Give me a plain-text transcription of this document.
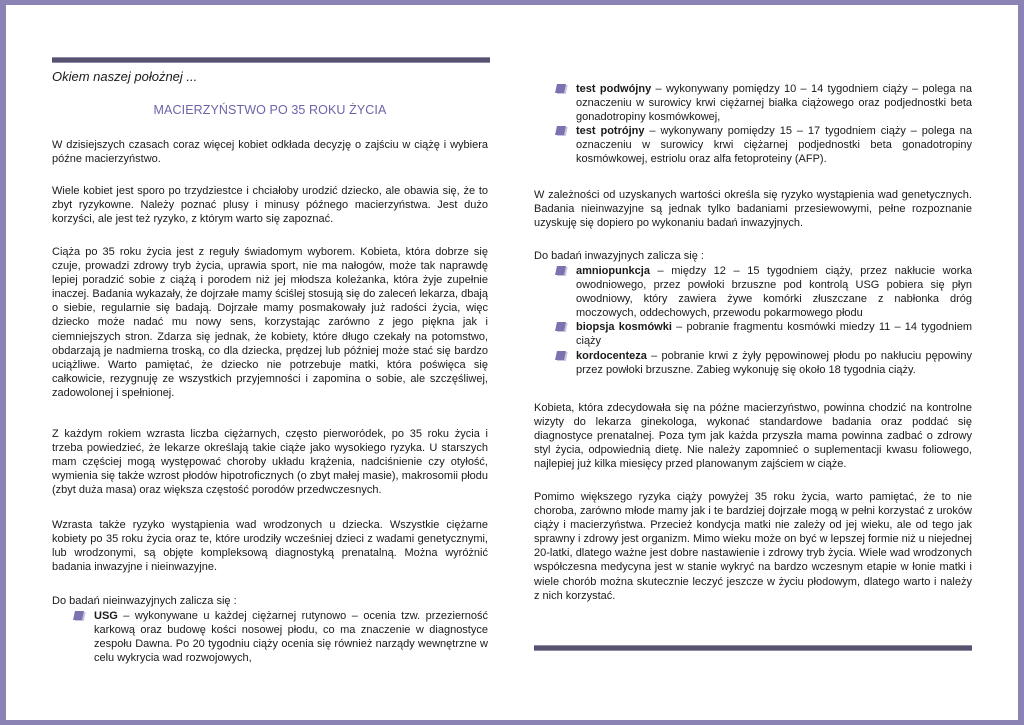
Okiem naszej położnej ...

MACIERZYŃSTWO PO 35 ROKU ŻYCIA

W dzisiejszych czasach coraz więcej kobiet odkłada decyzję o zajściu w ciążę i wybiera późne macierzyństwo.

Wiele kobiet jest sporo po trzydziestce i chciałoby urodzić dziecko, ale obawia się, że to zbyt ryzykowne. Należy poznać plusy i minusy późnego macierzyństwa. Jest dużo korzyści, ale jest też ryzyko, z którym warto się zapoznać.

Ciąża po 35 roku życia jest z reguły świadomym wyborem. Kobieta, która dobrze się czuje, prowadzi zdrowy tryb życia, uprawia sport, nie ma nałogów, może tak naprawdę lepiej poradzić sobie z ciążą i porodem niż jej młodsza koleżanka, która żyje zupełnie inaczej. Badania wykazały, że dojrzałe mamy ściślej stosują się do zaleceń lekarza, dbają o siebie, regularnie się badają. Dojrzałe mamy posmakowały już radości życia, więc dziecko może nadać mu nowy sens, korzystając zarówno z jego piękna jak i ciemniejszych stron. Zdarza się jednak, że kobiety, które długo czekały na potomstwo, obdarzają je nadmierna troską, co dla dziecka, prędzej lub później może stać się bardzo uciążliwe. Warto pamiętać, że dziecko nie potrzebuje matki, która poświęca się całkowicie, rezygnuję ze wszystkich przyjemności i zapomina o sobie, ale szczęśliwej, zadowolonej i spełnionej.

Z każdym rokiem wzrasta liczba ciężarnych, często pierworódek, po 35 roku życia i trzeba powiedzieć, że lekarze określają takie ciąże jako wysokiego ryzyka. U starszych mam częściej mogą występować choroby układu krążenia, nadciśnienie czy otyłość, wymienia się także wzrost płodów hipotroficznych (o zbyt małej masie), makrosomii płodu (zbyt duża masa) oraz większa częstość porodów przedwczesnych.

Wzrasta także ryzyko wystąpienia wad wrodzonych u dziecka. Wszystkie ciężarne kobiety po 35 roku życia oraz te, które urodziły wcześniej dzieci z wadami genetycznymi, lub wrodzonymi, są objęte kompleksową diagnostyką prenatalną. Można wyróżnić badania inwazyjne i nieinwazyjne.

Do badań nieinwazyjnych zalicza się :

USG – wykonywane u każdej ciężarnej rutynowo – ocenia tzw. przezierność karkową oraz budowę kości nosowej płodu, co ma znaczenie w diagnostyce zespołu Dawna. Po 20 tygodniu ciąży ocenia się również narządy wewnętrzne w celu wykrycia wad rozwojowych,
test podwójny – wykonywany pomiędzy 10 – 14 tygodniem ciąży – polega na oznaczeniu w surowicy krwi ciężarnej białka ciążowego oraz podjednostki beta gonadotropiny kosmówkowej,
test potrójny – wykonywany pomiędzy 15 – 17 tygodniem ciąży – polega na oznaczeniu w surowicy krwi ciężarnej podjednostki beta gonadotropiny kosmówkowej, estriolu oraz alfa fetoproteiny (AFP).

W zależności od uzyskanych wartości określa się ryzyko wystąpienia wad genetycznych. Badania nieinwazyjne są jednak tylko badaniami przesiewowymi, pełne rozpoznanie uzyskuję się dopiero po wykonaniu badań inwazyjnych.

Do badań inwazyjnych zalicza się :

amniopunkcja – między 12 – 15 tygodniem ciąży, przez nakłucie worka owodniowego, przez powłoki brzuszne pod kontrolą USG pobiera się płyn owodniowy, który zawiera żywe komórki złuszczane z nabłonka dróg moczowych, oddechowych, przewodu pokarmowego płodu
biopsja kosmówki – pobranie fragmentu kosmówki miedzy 11 – 14 tygodniem ciąży
kordocenteza – pobranie krwi z żyły pępowinowej płodu po nakłuciu pępowiny przez powłoki brzuszne. Zabieg wykonuję się około 18 tygodnia ciąży.

Kobieta, która zdecydowała się na późne macierzyństwo, powinna chodzić na kontrolne wizyty do lekarza ginekologa, wykonać standardowe badania oraz poddać się diagnostyce prenatalnej. Poza tym jak każda przyszła mama powinna zadbać o zdrowy styl życia, odpowiednią dietę. Nie należy zapomnieć o suplementacji kwasu foliowego, najlepiej już kilka miesięcy przed planowanym zajściem w ciąże.

Pomimo większego ryzyka ciąży powyżej 35 roku życia, warto pamiętać, że to nie choroba, zarówno młode mamy jak i te bardziej dojrzałe mogą w pełni korzystać z uroków ciąży i macierzyństwa. Przecież kondycja matki nie zależy od jej wieku, ale od tego jak sprawny i zdrowy jest organizm. Mimo wieku może on być w lepszej formie niż u niejednej 20-latki, dlatego ważne jest dobre nastawienie i zdrowy tryb życia. Wiele wad wrodzonych współczesna medycyna jest w stanie wykryć na bardzo wczesnym etapie w łonie matki i wiele chorób można skutecznie leczyć jeszcze w życiu płodowym, dlatego warto i należy z nich korzystać.
